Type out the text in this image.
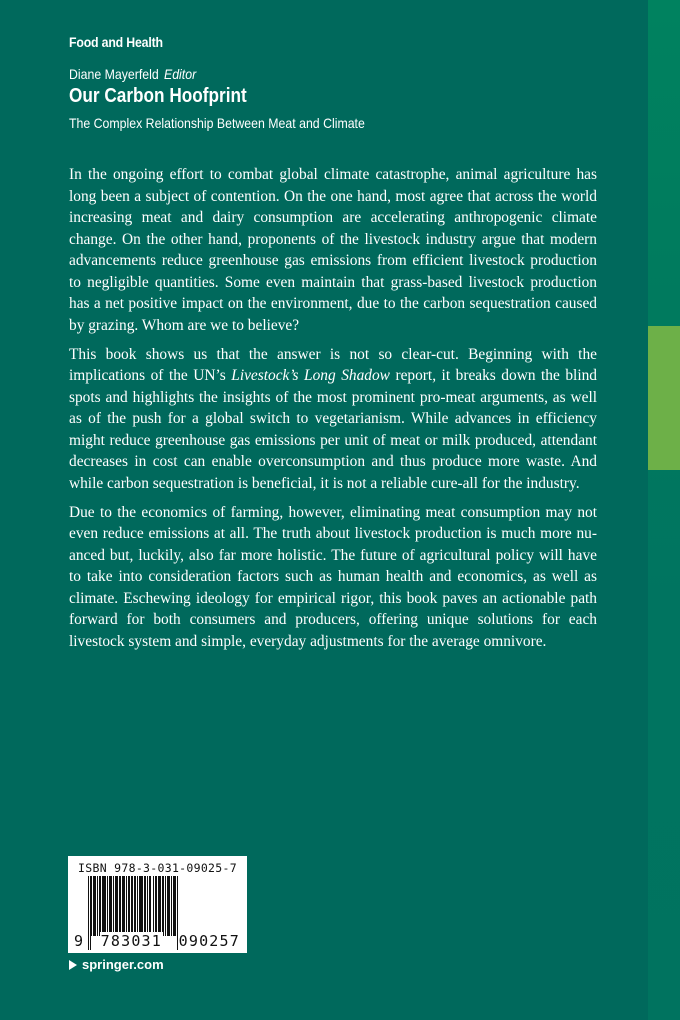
Food and Health
Diane Mayerfeld Editor
Our Carbon Hoofprint
The Complex Relationship Between Meat and Climate

In the ongoing effort to combat global climate catastrophe, animal agriculture has long been a subject of contention. On the one hand, most agree that across the world increasing meat and dairy consumption are accelerating anthropogenic climate change. On the other hand, proponents of the livestock industry argue that modern advancements reduce greenhouse gas emissions from efficient livestock production to negligible quantities. Some even maintain that grass-based livestock production has a net positive impact on the environment, due to the carbon sequestration caused by grazing. Whom are we to believe?

This book shows us that the answer is not so clear-cut. Beginning with the implications of the UN’s Livestock’s Long Shadow report, it breaks down the blind spots and highlights the insights of the most prominent pro-meat arguments, as well as of the push for a global switch to vegetarianism. While advances in efficiency might reduce greenhouse gas emissions per unit of meat or milk produced, attendant decreases in cost can enable overconsumption and thus produce more waste. And while carbon sequestration is beneficial, it is not a reliable cure-all for the industry.

Due to the economics of farming, however, eliminating meat consumption may not even reduce emissions at all. The truth about livestock production is much more nuanced but, luckily, also far more holistic. The future of agricultural policy will have to take into consideration factors such as human health and economics, as well as climate. Eschewing ideology for empirical rigor, this book paves an actionable path forward for both consumers and producers, offering unique solutions for each livestock system and simple, everyday adjustments for the average omnivore.

ISBN 978-3-031-09025-7
9 783031 090257
springer.com
